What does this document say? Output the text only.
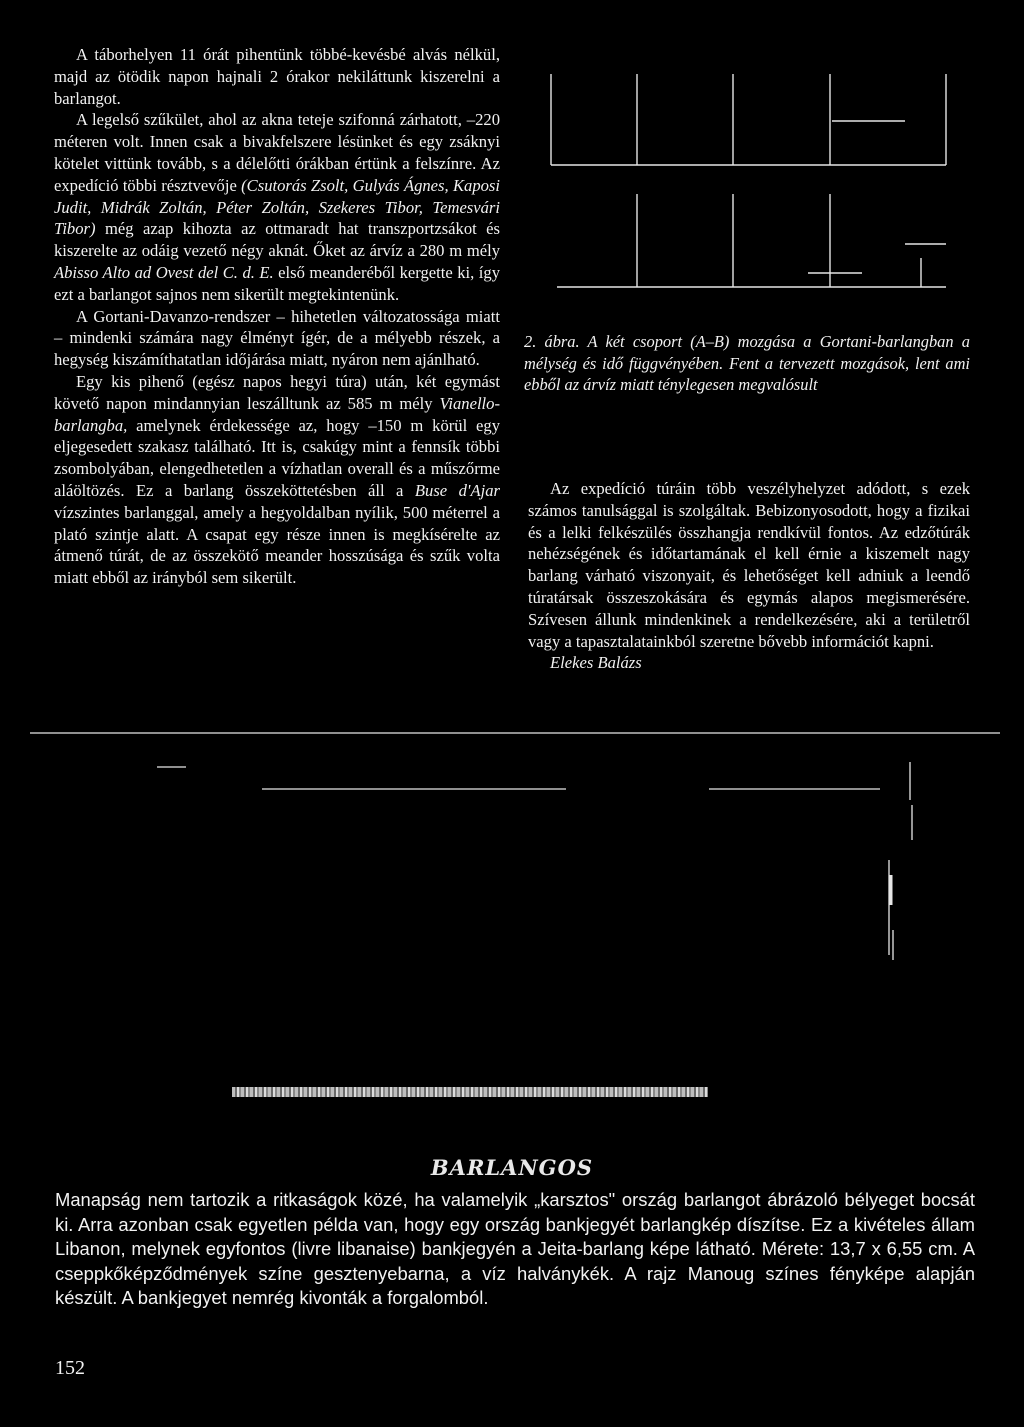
A táborhelyen 11 órát pihentünk többé-kevésbé alvás nélkül, majd az ötödik napon hajnali 2 órakor nekiláttunk kiszerelni a barlangot.

A legelső szűkület, ahol az akna teteje szifonná zárhatott, –220 méteren volt. Innen csak a bivakfelszere lésünket és egy zsáknyi kötelet vittünk tovább, s a délelőtti órákban értünk a felszínre. Az expedíció többi résztvevője (Csutorás Zsolt, Gulyás Ágnes, Kaposi Judit, Midrák Zoltán, Péter Zoltán, Szekeres Tibor, Temesvári Tibor) még azap kihozta az ottmaradt hat transzportzsákot és kiszerelte az odáig vezető négy aknát. Őket az árvíz a 280 m mély Abisso Alto ad Ovest del C. d. E. első meanderéből kergette ki, így ezt a barlangot sajnos nem sikerült megtekintenünk.

A Gortani-Davanzo-rendszer – hihetetlen változatossága miatt – mindenki számára nagy élményt ígér, de a mélyebb részek, a hegység kiszámíthatatlan időjárása miatt, nyáron nem ajánlható.

Egy kis pihenő (egész napos hegyi túra) után, két egymást követő napon mindannyian leszálltunk az 585 m mély Vianello-barlangba, amelynek érdekessége az, hogy –150 m körül egy eljegesedett szakasz található. Itt is, csakúgy mint a fennsík többi zsombolyában, elengedhetetlen a vízhatlan overall és a műszőrme aláöltözés. Ez a barlang összeköttetésben áll a Buse d'Ajar vízszintes barlanggal, amely a hegyoldalban nyílik, 500 méterrel a plató szintje alatt. A csapat egy része innen is megkísérelte az átmenő túrát, de az összekötő meander hosszúsága és szűk volta miatt ebből az irányból sem sikerült.

2. ábra. A két csoport (A–B) mozgása a Gortani-barlangban a mélység és idő függvényében. Fent a tervezett mozgások, lent ami ebből az árvíz miatt ténylegesen megvalósult

Az expedíció túráin több veszélyhelyzet adódott, s ezek számos tanulsággal is szolgáltak. Bebizonyosodott, hogy a fizikai és a lelki felkészülés összhangja rendkívül fontos. Az edzőtúrák nehézségének és időtartamának el kell érnie a kiszemelt nagy barlang várható viszonyait, és lehetőséget kell adniuk a leendő túratársak összeszokására és egymás alapos megismerésére. Szívesen állunk mindenkinek a rendelkezésére, aki a területről vagy a tapasztalatainkból szeretne bővebb információt kapni.

Elekes Balázs

BARLANGOS

Manapság nem tartozik a ritkaságok közé, ha valamelyik „karsztos" ország barlangot ábrázoló bélyeget bocsát ki. Arra azonban csak egyetlen példa van, hogy egy ország bankjegyét barlangkép díszítse. Ez a kivételes állam Libanon, melynek egyfontos (livre libanaise) bankjegyén a Jeita-barlang képe látható. Mérete: 13,7 x 6,55 cm. A cseppkőképződmények színe gesztenyebarna, a víz halványkék. A rajz Manoug színes fényképe alapján készült. A bankjegyet nemrég kivonták a forgalomból.

152
